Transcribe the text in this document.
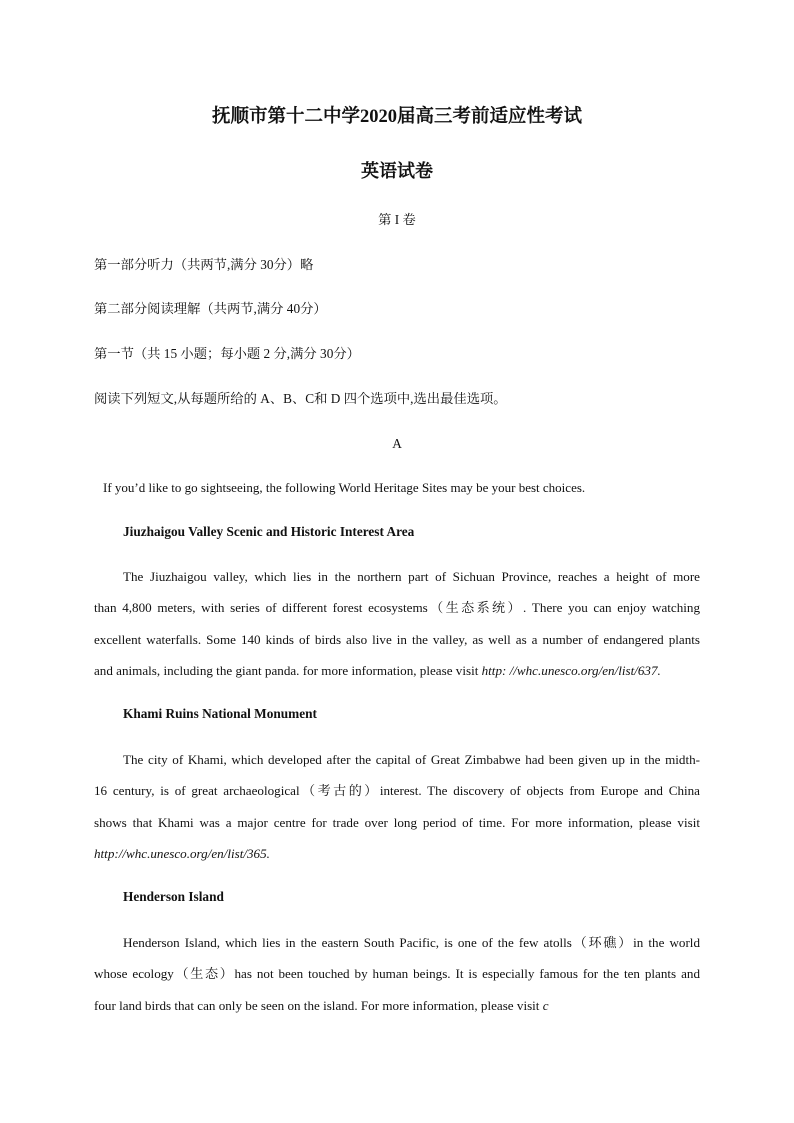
抚顺市第十二中学2020届高三考前适应性考试
英语试卷
第 I 卷
第一部分听力（共两节,满分 30分）略
第二部分阅读理解（共两节,满分 40分）
第一节（共 15 小题；每小题 2 分,满分 30分）
阅读下列短文,从每题所给的 A、B、C和 D 四个选项中,选出最佳选项。
A
If you’d like to go sightseeing, the following World Heritage Sites may be your best choices.
Jiuzhaigou Valley Scenic and Historic Interest Area
The Jiuzhaigou valley, which lies in the northern part of Sichuan Province, reaches a height of more
than 4,800 meters, with series of different forest ecosystems（生态系统）. There you can enjoy watching
excellent waterfalls. Some 140 kinds of birds also live in the valley, as well as a number of endangered plants
and animals, including the giant panda. for more information, please visit http: //whc.unesco.org/en/list/637.
Khami Ruins National Monument
The city of Khami, which developed after the capital of Great Zimbabwe had been given up in the midth-
16 century, is of great archaeological（考古的）interest. The discovery of objects from Europe and China
shows that Khami was a major centre for trade over long period of time. For more information, please visit
http://whc.unesco.org/en/list/365.
Henderson Island
Henderson Island, which lies in the eastern South Pacific, is one of the few atolls（环礁）in the world
whose ecology（生态）has not been touched by human beings. It is especially famous for the ten plants and
four land birds that can only be seen on the island. For more information, please visit c
